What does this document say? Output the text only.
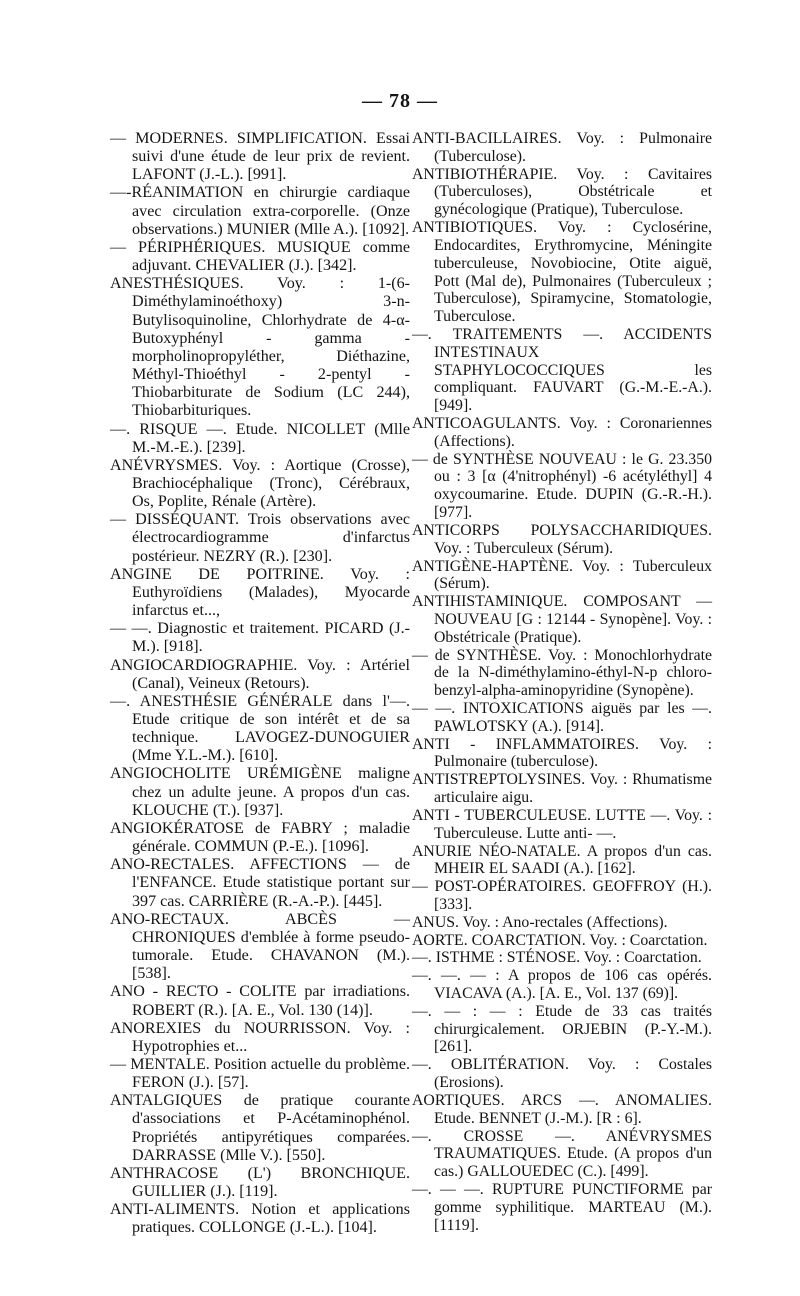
— 78 —

— MODERNES. SIMPLIFICATION. Essai suivi d'une étude de leur prix de revient. LAFONT (J.-L.). [991].

—-RÉANIMATION en chirurgie cardiaque avec circulation extra-corporelle. (Onze observations.) MUNIER (Mlle A.). [1092].

— PÉRIPHÉRIQUES. MUSIQUE comme adjuvant. CHEVALIER (J.). [342].

ANESTHÉSIQUES. Voy. : 1-(6-Diméthylaminoéthoxy) 3-n-Butylisoquinoline, Chlorhydrate de 4-α-Butoxyphényl - gamma - morpholinopropyléther, Diéthazine, Méthyl-Thioéthyl - 2-pentyl - Thiobarbiturate de Sodium (LC 244), Thiobarbituriques.

—. RISQUE —. Etude. NICOLLET (Mlle M.-M.-E.). [239].

ANÉVRYSMES. Voy. : Aortique (Crosse), Brachiocéphalique (Tronc), Cérébraux, Os, Poplite, Rénale (Artère).

— DISSÉQUANT. Trois observations avec électrocardiogramme d'infarctus postérieur. NEZRY (R.). [230].

ANGINE DE POITRINE. Voy. : Euthyroïdiens (Malades), Myocarde infarctus et...,

— —. Diagnostic et traitement. PICARD (J.-M.). [918].

ANGIOCARDIOGRAPHIE. Voy. : Artériel (Canal), Veineux (Retours).

—. ANESTHÉSIE GÉNÉRALE dans l'—. Etude critique de son intérêt et de sa technique. LAVOGEZ-DUNOGUIER (Mme Y.L.-M.). [610].

ANGIOCHOLITE URÉMIGÈNE maligne chez un adulte jeune. A propos d'un cas. KLOUCHE (T.). [937].

ANGIOKÉRATOSE de FABRY ; maladie générale. COMMUN (P.-E.). [1096].

ANO-RECTALES. AFFECTIONS — de l'ENFANCE. Etude statistique portant sur 397 cas. CARRIÈRE (R.-A.-P.). [445].

ANO-RECTAUX. ABCÈS — CHRONIQUES d'emblée à forme pseudo-tumorale. Etude. CHAVANON (M.). [538].

ANO - RECTO - COLITE par irradiations. ROBERT (R.). [A. E., Vol. 130 (14)].

ANOREXIES du NOURRISSON. Voy. : Hypotrophies et...

— MENTALE. Position actuelle du problème. FERON (J.). [57].

ANTALGIQUES de pratique courante d'associations et P-Acétaminophénol. Propriétés antipyrétiques comparées. DARRASSE (Mlle V.). [550].

ANTHRACOSE (L') BRONCHIQUE. GUILLIER (J.). [119].

ANTI-ALIMENTS. Notion et applications pratiques. COLLONGE (J.-L.). [104].

ANTI-BACILLAIRES. Voy. : Pulmonaire (Tuberculose).

ANTIBIOTHÉRAPIE. Voy. : Cavitaires (Tuberculoses), Obstétricale et gynécologique (Pratique), Tuberculose.

ANTIBIOTIQUES. Voy. : Cyclosérine, Endocardites, Erythromycine, Méningite tuberculeuse, Novobiocine, Otite aiguë, Pott (Mal de), Pulmonaires (Tuberculeux ; Tuberculose), Spiramycine, Stomatologie, Tuberculose.

—. TRAITEMENTS —. ACCIDENTS INTESTINAUX STAPHYLOCOCCIQUES les compliquant. FAUVART (G.-M.-E.-A.). [949].

ANTICOAGULANTS. Voy. : Coronariennes (Affections).

— de SYNTHÈSE NOUVEAU : le G. 23.350 ou : 3 [α (4'nitrophényl) -6 acétyléthyl] 4 oxycoumarine. Etude. DUPIN (G.-R.-H.). [977].

ANTICORPS POLYSACCHARIDIQUES. Voy. : Tuberculeux (Sérum).

ANTIGÈNE-HAPTÈNE. Voy. : Tuberculeux (Sérum).

ANTIHISTAMINIQUE. COMPOSANT — NOUVEAU [G : 12144 - Synopène]. Voy. : Obstétricale (Pratique).

— de SYNTHÈSE. Voy. : Monochlorhydrate de la N-diméthylamino-éthyl-N-p chloro-benzyl-alpha-aminopyridine (Synopène).

— —. INTOXICATIONS aiguës par les —. PAWLOTSKY (A.). [914].

ANTI - INFLAMMATOIRES. Voy. : Pulmonaire (tuberculose).

ANTISTREPTOLYSINES. Voy. : Rhumatisme articulaire aigu.

ANTI - TUBERCULEUSE. LUTTE —. Voy. : Tuberculeuse. Lutte anti- —.

ANURIE NÉO-NATALE. A propos d'un cas. MHEIR EL SAADI (A.). [162].

— POST-OPÉRATOIRES. GEOFFROY (H.). [333].

ANUS. Voy. : Ano-rectales (Affections).

AORTE. COARCTATION. Voy. : Coarctation.

—. ISTHME : STÉNOSE. Voy. : Coarctation.

—. —. — : A propos de 106 cas opérés. VIACAVA (A.). [A. E., Vol. 137 (69)].

—. — : — : Etude de 33 cas traités chirurgicalement. ORJEBIN (P.-Y.-M.). [261].

—. OBLITÉRATION. Voy. : Costales (Erosions).

AORTIQUES. ARCS —. ANOMALIES. Etude. BENNET (J.-M.). [R : 6].

—. CROSSE —. ANÉVRYSMES TRAUMATIQUES. Etude. (A propos d'un cas.) GALLOUEDEC (C.). [499].

—. — —. RUPTURE PUNCTIFORME par gomme syphilitique. MARTEAU (M.). [1119].
